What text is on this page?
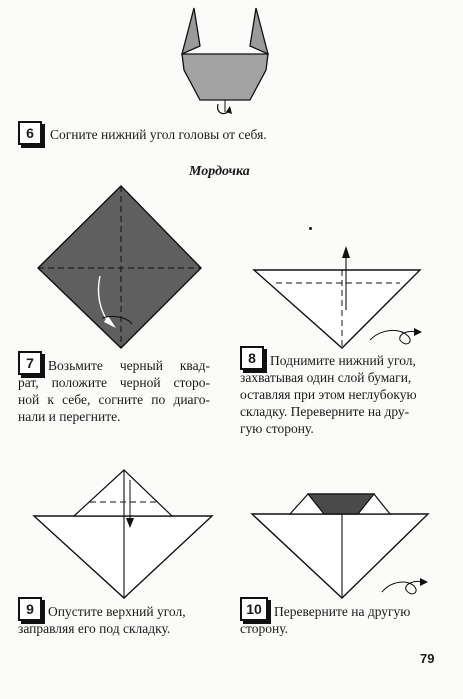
6	Согните нижний угол головы от себя.
Мордочка
7	Возьмите черный квад-
рат, положите черной сторо-
ной к себе, согните по диаго-
нали и перегните.
8	Поднимите нижний угол,
захватывая один слой бумаги,
оставляя при этом неглубокую
складку. Переверните на дру-
гую сторону.
9	Опустите верхний угол,
заправляя его под складку.
10 Переверните на другую
сторону.
79
